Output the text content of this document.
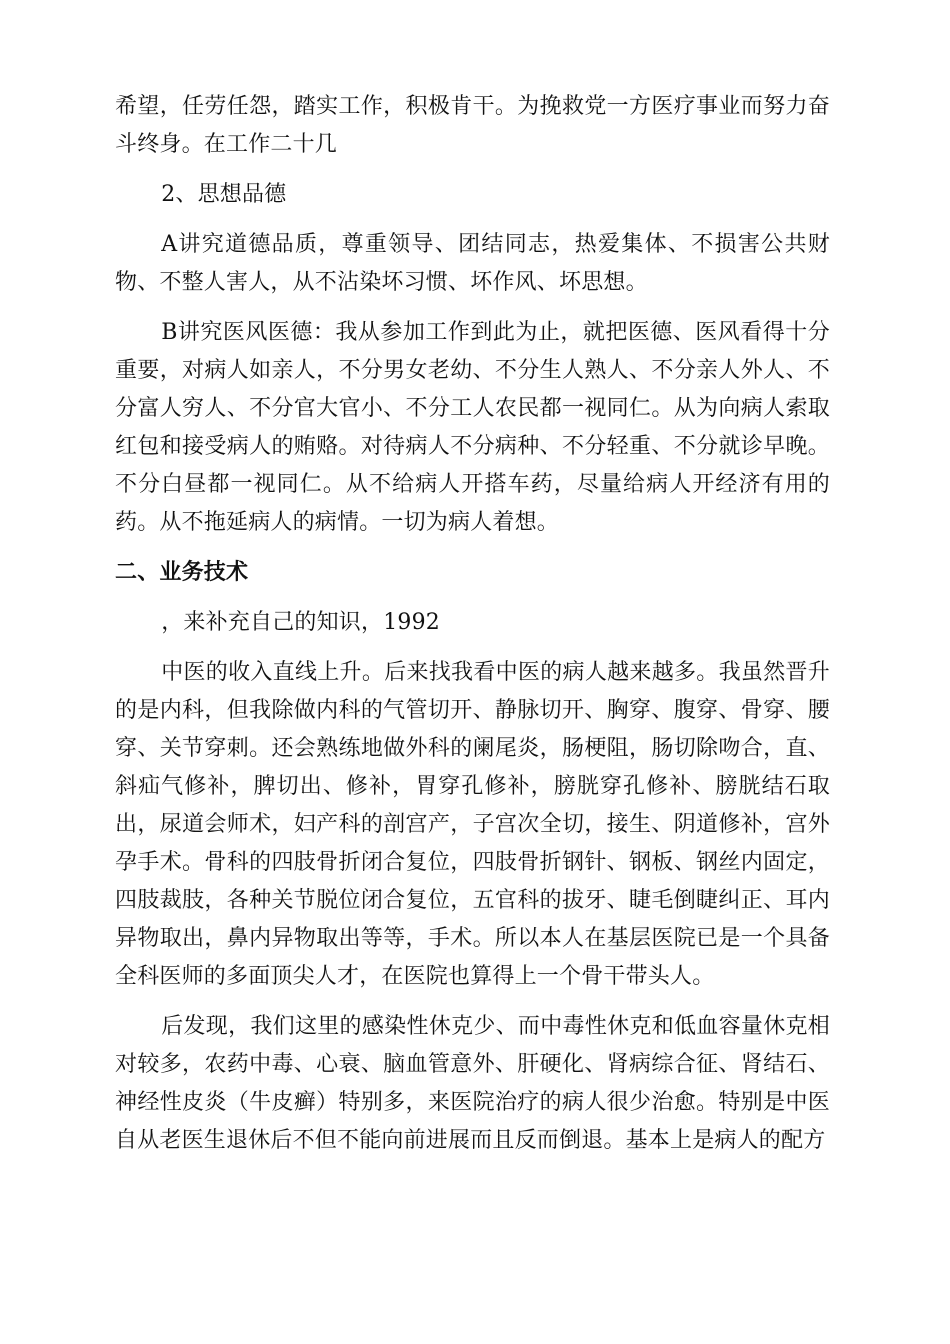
希望，任劳任怨，踏实工作，积极肯干。为挽救党一方医疗事业而努力奋斗终身。在工作二十几

2、思想品德

A讲究道德品质，尊重领导、团结同志，热爱集体、不损害公共财物、不整人害人，从不沾染坏习惯、坏作风、坏思想。

B讲究医风医德：我从参加工作到此为止，就把医德、医风看得十分重要，对病人如亲人，不分男女老幼、不分生人熟人、不分亲人外人、不分富人穷人、不分官大官小、不分工人农民都一视同仁。从为向病人索取红包和接受病人的贿赂。对待病人不分病种、不分轻重、不分就诊早晚。不分白昼都一视同仁。从不给病人开搭车药，尽量给病人开经济有用的药。从不拖延病人的病情。一切为病人着想。

二、业务技术

，来补充自己的知识，1992

中医的收入直线上升。后来找我看中医的病人越来越多。我虽然晋升的是内科，但我除做内科的气管切开、静脉切开、胸穿、腹穿、骨穿、腰穿、关节穿刺。还会熟练地做外科的阑尾炎，肠梗阻，肠切除吻合，直、斜疝气修补，脾切出、修补，胃穿孔修补，膀胱穿孔修补、膀胱结石取出，尿道会师术，妇产科的剖宫产，子宫次全切，接生、阴道修补，宫外孕手术。骨科的四肢骨折闭合复位，四肢骨折钢针、钢板、钢丝内固定，四肢裁肢，各种关节脱位闭合复位，五官科的拔牙、睫毛倒睫纠正、耳内异物取出，鼻内异物取出等等，手术。所以本人在基层医院已是一个具备全科医师的多面顶尖人才，在医院也算得上一个骨干带头人。

后发现，我们这里的感染性休克少、而中毒性休克和低血容量休克相对较多，农药中毒、心衰、脑血管意外、肝硬化、肾病综合征、肾结石、神经性皮炎（牛皮癣）特别多，来医院治疗的病人很少治愈。特别是中医自从老医生退休后不但不能向前进展而且反而倒退。基本上是病人的配方
